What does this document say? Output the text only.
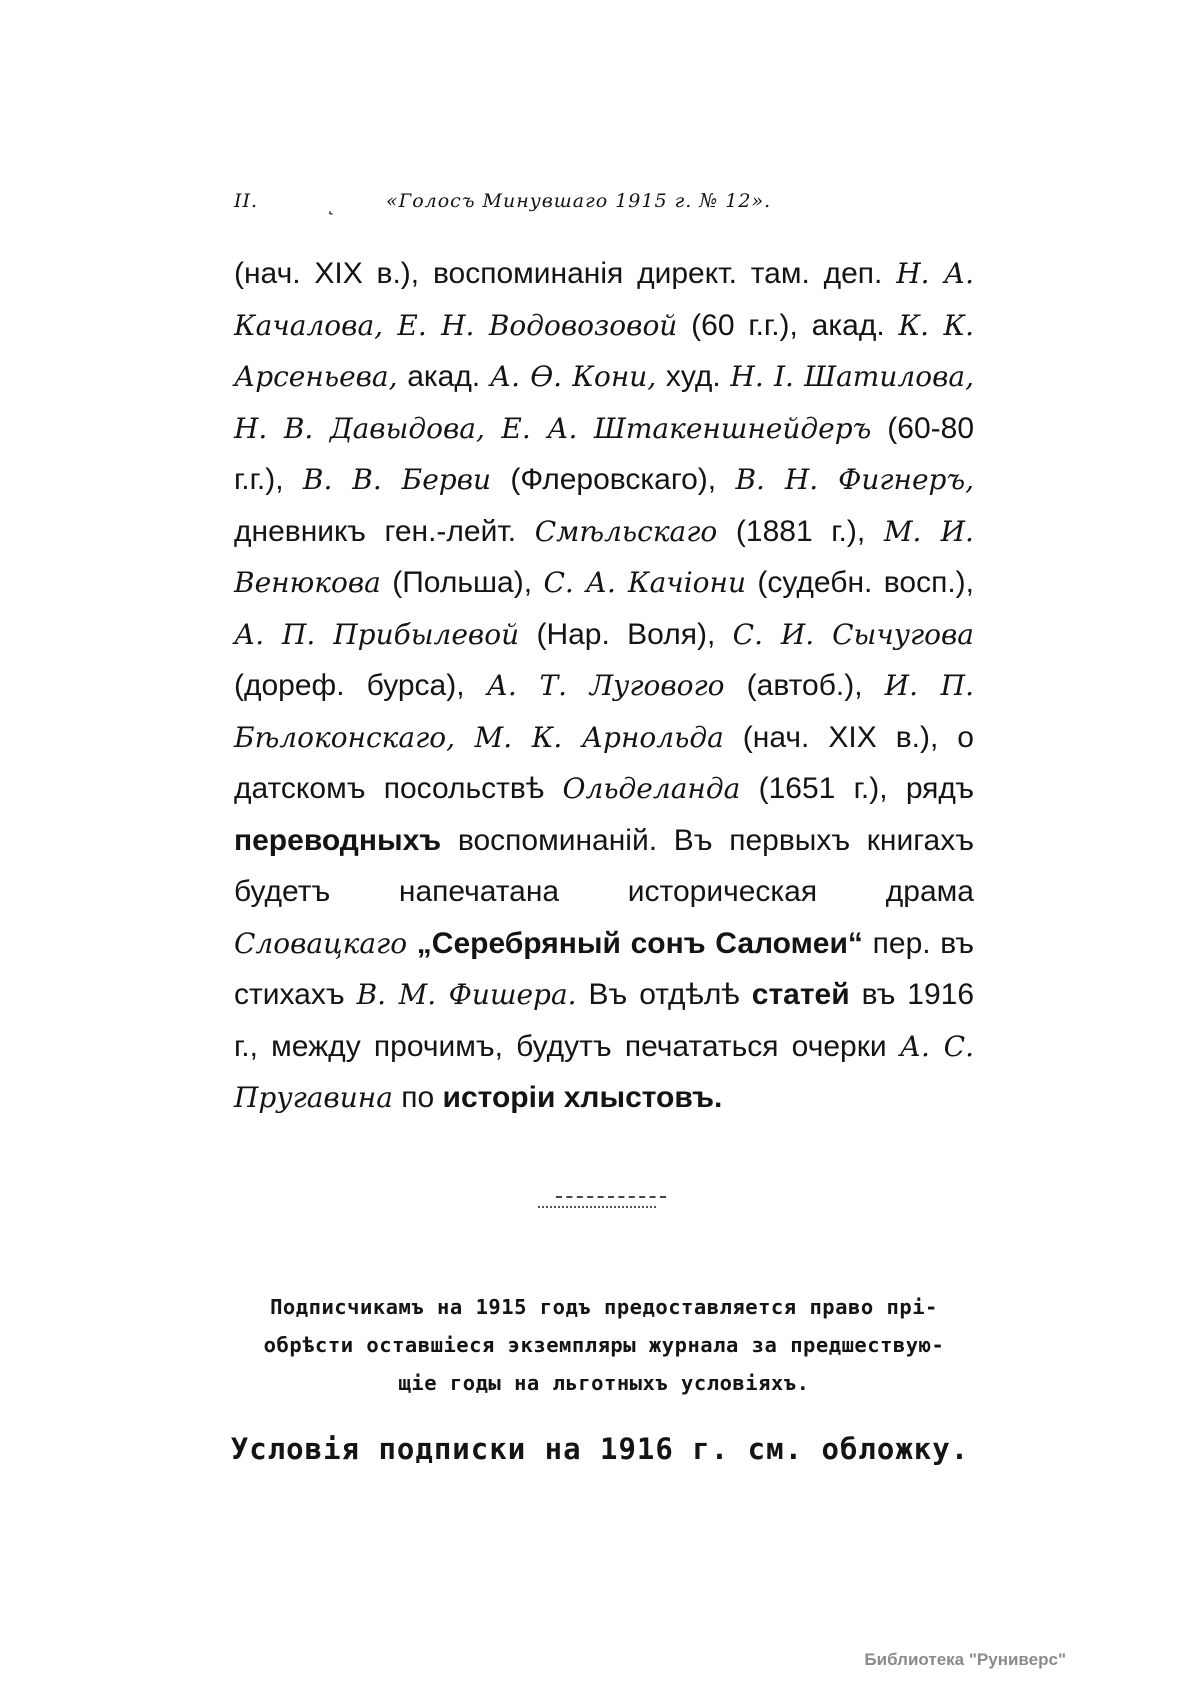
II.	˛	«Голосъ Минувшаго 1915 г. № 12».
(нач. XIX в.), воспоминанія директ. там. деп. Н. А. Качалова, Е. Н. Водовозовой (60 г.г.), акад. К. К. Арсеньева, акад. А. Ѳ. Кони, худ. Н. І. Шатилова, Н. В. Давыдова, Е. А. Штакеншнейдеръ (60-80 г.г.), В. В. Берви (Флеровскаго), В. Н. Фигнеръ, дневникъ ген.-лейт. Смѣльскаго (1881 г.), М. И. Венюкова (Польша), С. А. Качіони (судебн. восп.), А. П. Прибылевой (Нар. Воля), С. И. Сычугова (дореф. бурса), А. Т. Лугового (автоб.), И. П. Бѣлоконскаго, М. К. Арнольда (нач. XIX в.), о датскомъ посольствѣ Ольделанда (1651 г.), рядъ переводныхъ воспоминаній. Въ первыхъ книгахъ будетъ напечатана историческая драма Словацкаго „Серебряный сонъ Саломеи“ пер. въ стихахъ В. М. Фишера. Въ отдѣлѣ статей въ 1916 г., между прочимъ, будутъ печататься очерки А. С. Пругавина по исторіи хлыстовъ.
Подписчикамъ на 1915 годъ предоставляется право прі-
обрѣсти оставшіеся экземпляры журнала за предшествую-
щіе годы на льготныхъ условіяхъ.
Условія подписки на 1916 г. см. обложку.
Библиотека "Руниверс"
